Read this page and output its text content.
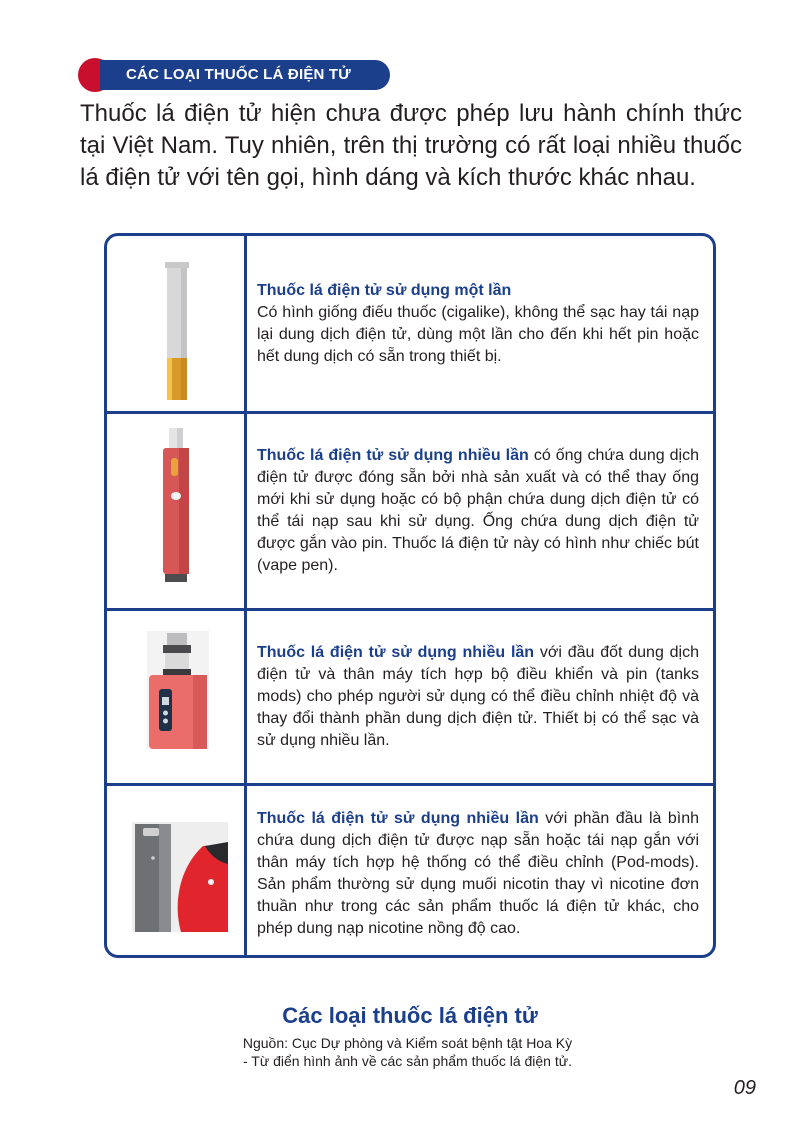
CÁC LOẠI THUỐC LÁ ĐIỆN TỬ

Thuốc lá điện tử hiện chưa được phép lưu hành chính thức tại Việt Nam. Tuy nhiên, trên thị trường có rất loại nhiều thuốc lá điện tử với tên gọi, hình dáng và kích thước khác nhau.

Thuốc lá điện tử sử dụng một lần
Có hình giống điếu thuốc (cigalike), không thể sạc hay tái nạp lại dung dịch điện tử, dùng một lần cho đến khi hết pin hoặc hết dung dịch có sẵn trong thiết bị.

Thuốc lá điện tử sử dụng nhiều lần có ống chứa dung dịch điện tử được đóng sẵn bởi nhà sản xuất và có thể thay ống mới khi sử dụng hoặc có bộ phận chứa dung dịch điện tử có thể tái nạp sau khi sử dụng. Ống chứa dung dịch điện tử được gắn vào pin. Thuốc lá điện tử này có hình như chiếc bút (vape pen).

Thuốc lá điện tử sử dụng nhiều lần với đầu đốt dung dịch điện tử và thân máy tích hợp bộ điều khiển và pin (tanks mods) cho phép người sử dụng có thể điều chỉnh nhiệt độ và thay đổi thành phần dung dịch điện tử. Thiết bị có thể sạc và sử dụng nhiều lần.

Thuốc lá điện tử sử dụng nhiều lần với phần đầu là bình chứa dung dịch điện tử được nạp sẵn hoặc tái nạp gắn với thân máy tích hợp hệ thống có thể điều chỉnh (Pod-mods). Sản phẩm thường sử dụng muối nicotin thay vì nicotine đơn thuần như trong các sản phẩm thuốc lá điện tử khác, cho phép dung nạp nicotine nồng độ cao.

Các loại thuốc lá điện tử

Nguồn: Cục Dự phòng và Kiểm soát bệnh tật Hoa Kỳ
- Từ điển hình ảnh về các sản phẩm thuốc lá điện tử.

09
